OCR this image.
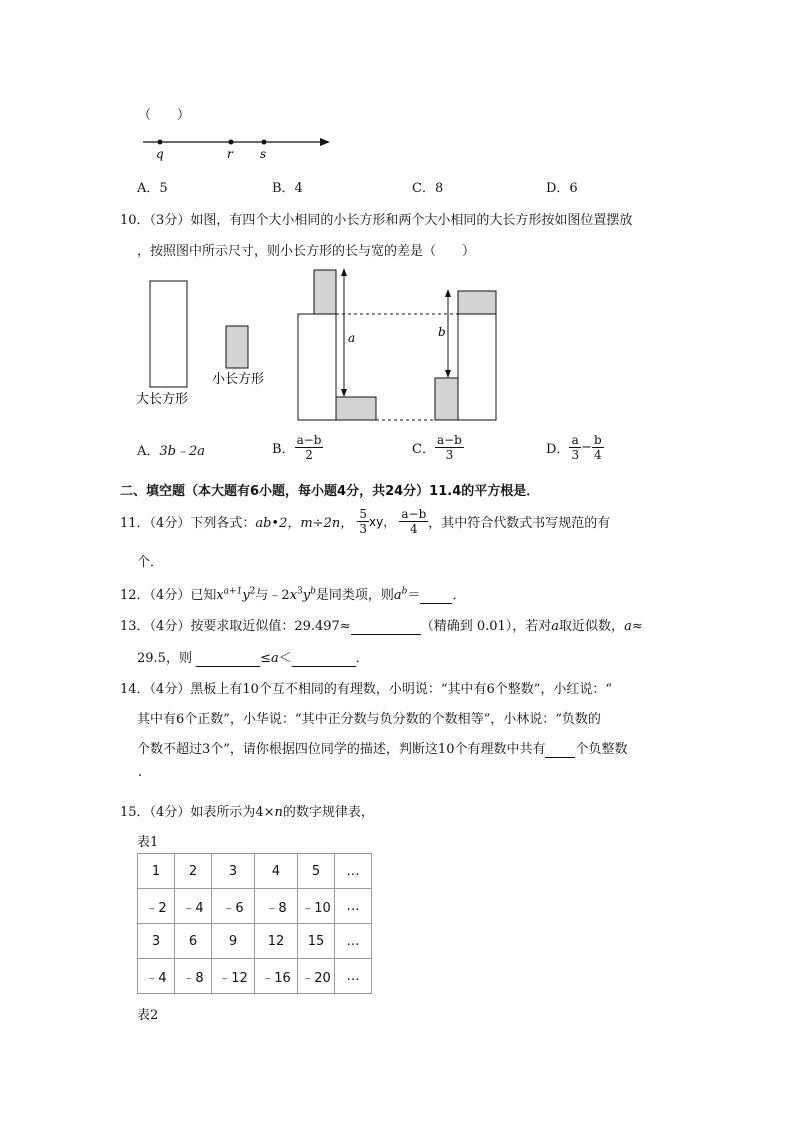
（　　）
q	r s
A．5	B．4	C．8	D．6
10．（3分）如图，有四个大小相同的小长方形和两个大小相同的大长方形按如图位置摆放
，按照图中所示尺寸，则小长方形的长与宽的差是（　　）
大长方形
小长方形
a	b
A．3b﹣2a	B． $\frac{a-b}{2}$	C． $\frac{a-b}{3}$	D． $\frac{a}{3} - \frac{b}{4}$
二、填空题（本大题有6小题，每小题4分，共24分）11.4的平方根是．
11．（4分）下列各式：ab•2，m÷2n， $\frac{5}{3}$ xy， $\frac{a-b}{4}$ ，其中符合代数式书写规范的有
个．
12．（4分）已知$x^{a+1}y^2$与$﹣2x^3y^b$是同类项，则$a^b=$ ．
13．（4分）按要求取近似值：29.497≈	（精确到 0.01），若对a取近似数，a≈
29.5，则	≤a＜	．
14．（4分）黑板上有10个互不相同的有理数，小明说：“其中有6个整数”，小红说：“
其中有6个正数”，小华说：“其中正分数与负分数的个数相等”，小林说：“负数的
个数不超过3个”，请你根据四位同学的描述，判断这10个有理数中共有 个负整数
.
15．（4分）如表所示为4×n的数字规律表，
表1
1	2	3	4	5	…
﹣2	﹣4	﹣6	﹣8	﹣10	…
3	6	9	12	15	…
﹣4	﹣8	﹣12	﹣16	﹣20	…
表2
